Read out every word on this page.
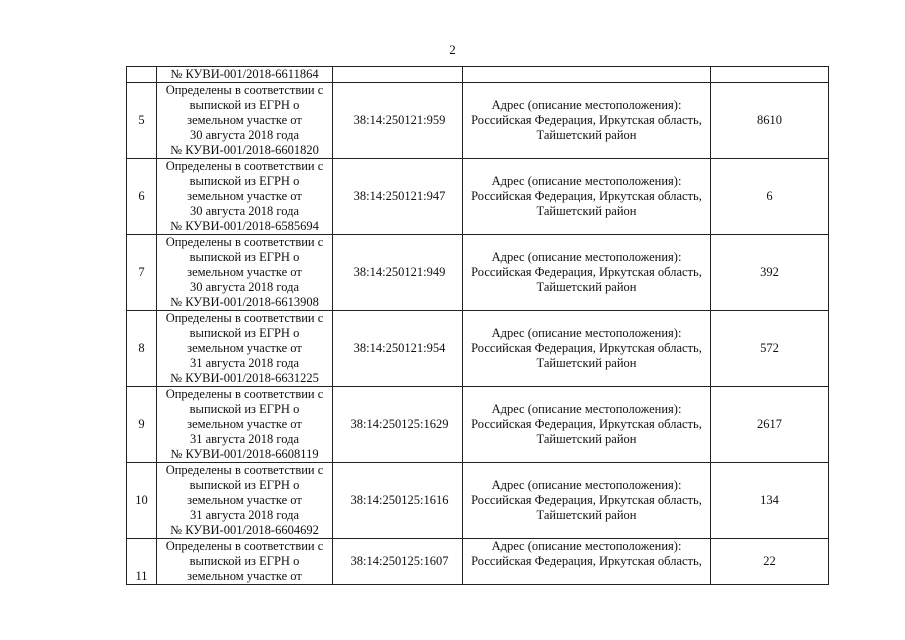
2

	№ КУВИ-001/2018-6611864			

5	Определены в соответствии с
выпиской из ЕГРН о
земельном участке от
30 августа 2018 года
№ КУВИ-001/2018-6601820	38:14:250121:959	Адрес (описание местоположения):
Российская Федерация, Иркутская область,
Тайшетский район	8610
6	Определены в соответствии с
выпиской из ЕГРН о
земельном участке от
30 августа 2018 года
№ КУВИ-001/2018-6585694	38:14:250121:947	Адрес (описание местоположения):
Российская Федерация, Иркутская область,
Тайшетский район	6
7	Определены в соответствии с
выпиской из ЕГРН о
земельном участке от
30 августа 2018 года
№ КУВИ-001/2018-6613908	38:14:250121:949	Адрес (описание местоположения):
Российская Федерация, Иркутская область,
Тайшетский район	392
8	Определены в соответствии с
выпиской из ЕГРН о
земельном участке от
31 августа 2018 года
№ КУВИ-001/2018-6631225	38:14:250121:954	Адрес (описание местоположения):
Российская Федерация, Иркутская область,
Тайшетский район	572
9	Определены в соответствии с
выпиской из ЕГРН о
земельном участке от
31 августа 2018 года
№ КУВИ-001/2018-6608119	38:14:250125:1629	Адрес (описание местоположения):
Российская Федерация, Иркутская область,
Тайшетский район	2617
10	Определены в соответствии с
выпиской из ЕГРН о
земельном участке от
31 августа 2018 года
№ КУВИ-001/2018-6604692	38:14:250125:1616	Адрес (описание местоположения):
Российская Федерация, Иркутская область,
Тайшетский район	134
11	Определены в соответствии с
выпиской из ЕГРН о
земельном участке от	38:14:250125:1607	Адрес (описание местоположения):
Российская Федерация, Иркутская область,	22
